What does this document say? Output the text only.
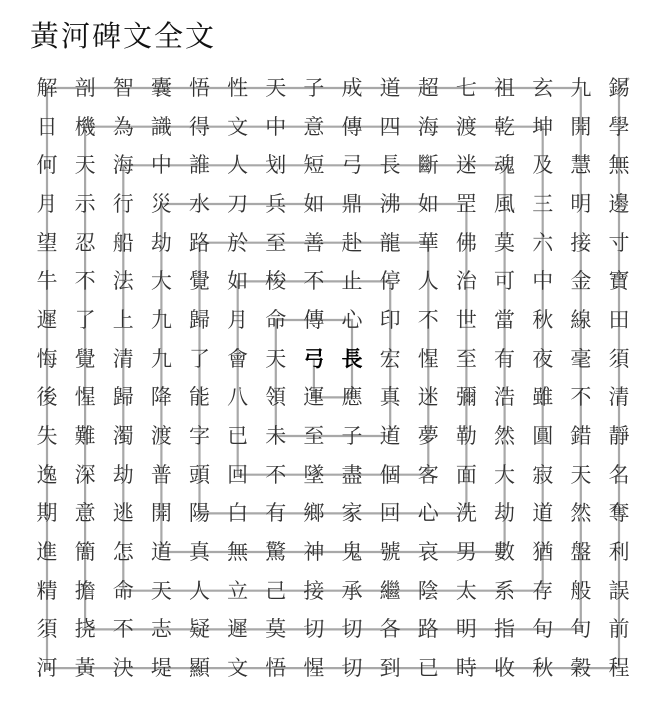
黃河碑文全文
解 剖 智 囊 悟 性 天 子 成 道 超 七 祖 玄 九 錫
日 機 為 識 得 文 中 意 傳 四 海 渡 乾 坤 開 學
何 天 海 中 誰 人 划 短 弓 長 斷 迷 魂 及 慧 無
月 示 行 災 水 刀 兵 如 鼎 沸 如 罡 風 三 明 邊
望 忍 船 劫 路 於 至 善 赴 龍 華 佛 莫 六 接 寸
牛 不 法 大 覺 如 梭 不 止 停 人 治 可 中 金 寶
遲 了 上 九 歸 月 命 傳 心 印 不 世 當 秋 線 田
悔 覺 清 九 了 會 天 弓 長 宏 惺 至 有 夜 毫 須
後 惺 歸 降 能 八 領 運 應 真 迷 彌 浩 雖 不 清
失 難 濁 渡 字 已 未 至 子 道 夢 勒 然 圓 錯 靜
逸 深 劫 普 頭 回 不 墜 盡 個 客 面 大 寂 天 名
期 意 逃 開 陽 白 有 鄉 家 回 心 洗 劫 道 然 奪
進 簡 怎 道 真 無 驚 神 鬼 號 哀 男 數 猶 盤 利
精 擔 命 天 人 立 己 接 承 繼 陰 太 系 存 般 誤
須 挠 不 志 疑 遲 莫 切 切 各 路 明 指 句 句 前
河 黃 決 堤 顯 文 悟 惺 切 到 已 時 收 秋 穀 程
